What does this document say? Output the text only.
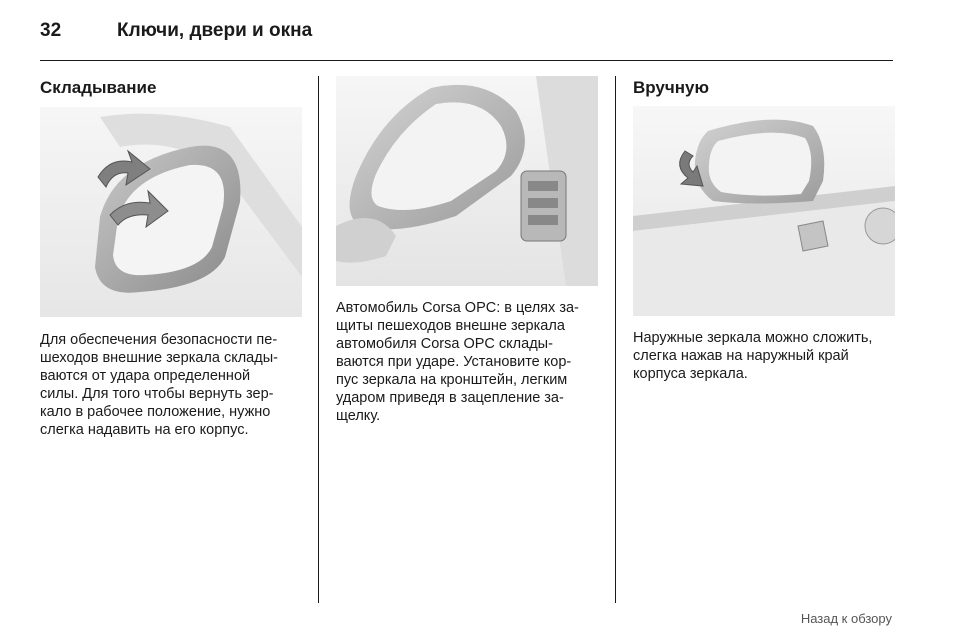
32	Ключи, двери и окна
Складывание

Для обеспечения безопасности пе-
шеходов внешние зеркала склады-
ваются от удара определенной
силы. Для того чтобы вернуть зер-
кало в рабочее положение, нужно
слегка надавить на его корпус.

Автомобиль Corsa OPC: в целях за-
щиты пешеходов внешне зеркала
автомобиля Corsa OPC склады-
ваются при ударе. Установите кор-
пус зеркала на кронштейн, легким
ударом приведя в зацепление за-
щелку.

Вручную

Наружные зеркала можно сложить,
слегка нажав на наружный край
корпуса зеркала.

Назад к обзору
